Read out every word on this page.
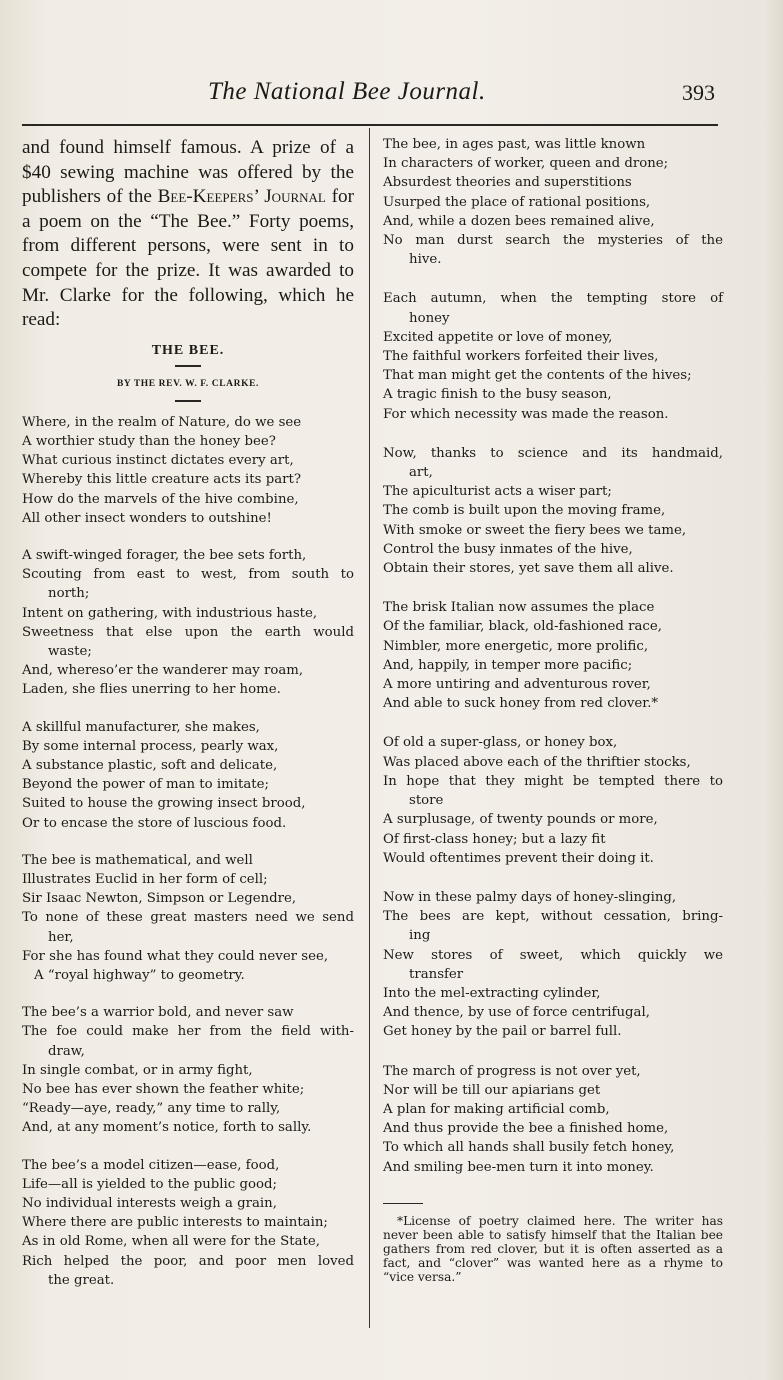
The National Bee Journal.	393

and found himself famous. A prize of a $40 sewing machine was offered by the publishers of the Bee-Keepers’ Journal for a poem on the “The Bee.” Forty poems, from different persons, were sent in to compete for the prize. It was awarded to Mr. Clarke for the following, which he read:

THE BEE.
BY THE REV. W. F. CLARKE.
Where, in the realm of Nature, do we see
A worthier study than the honey bee?
What curious instinct dictates every art,
Whereby this little creature acts its part?
How do the marvels of the hive combine,
All other insect wonders to outshine!
A swift-winged forager, the bee sets forth,
Scouting from east to west, from south to
north;
Intent on gathering, with industrious haste,
Sweetness that else upon the earth would
waste;
And, whereso’er the wanderer may roam,
Laden, she flies unerring to her home.
A skillful manufacturer, she makes,
By some internal process, pearly wax,
A substance plastic, soft and delicate,
Beyond the power of man to imitate;
Suited to house the growing insect brood,
Or to encase the store of luscious food.
The bee is mathematical, and well
Illustrates Euclid in her form of cell;
Sir Isaac Newton, Simpson or Legendre,
To none of these great masters need we send
her,
For she has found what they could never see,
A “royal highway” to geometry.
The bee’s a warrior bold, and never saw
The foe could make her from the field with-
draw,
In single combat, or in army fight,
No bee has ever shown the feather white;
“Ready—aye, ready,” any time to rally,
And, at any moment’s notice, forth to sally.
The bee’s a model citizen—ease, food,
Life—all is yielded to the public good;
No individual interests weigh a grain,
Where there are public interests to maintain;
As in old Rome, when all were for the State,
Rich helped the poor, and poor men loved
the great.
The bee, in ages past, was little known
In characters of worker, queen and drone;
Absurdest theories and superstitions
Usurped the place of rational positions,
And, while a dozen bees remained alive,
No man durst search the mysteries of the
hive.
Each autumn, when the tempting store of
honey
Excited appetite or love of money,
The faithful workers forfeited their lives,
That man might get the contents of the hives;
A tragic finish to the busy season,
For which necessity was made the reason.
Now, thanks to science and its handmaid,
art,
The apiculturist acts a wiser part;
The comb is built upon the moving frame,
With smoke or sweet the fiery bees we tame,
Control the busy inmates of the hive,
Obtain their stores, yet save them all alive.
The brisk Italian now assumes the place
Of the familiar, black, old-fashioned race,
Nimbler, more energetic, more prolific,
And, happily, in temper more pacific;
A more untiring and adventurous rover,
And able to suck honey from red clover.*
Of old a super-glass, or honey box,
Was placed above each of the thriftier stocks,
In hope that they might be tempted there to
store
A surplusage, of twenty pounds or more,
Of first-class honey; but a lazy fit
Would oftentimes prevent their doing it.
Now in these palmy days of honey-slinging,
The bees are kept, without cessation, bring-
ing
New stores of sweet, which quickly we
transfer
Into the mel-extracting cylinder,
And thence, by use of force centrifugal,
Get honey by the pail or barrel full.
The march of progress is not over yet,
Nor will be till our apiarians get
A plan for making artificial comb,
And thus provide the bee a finished home,
To which all hands shall busily fetch honey,
And smiling bee-men turn it into money.
*License of poetry claimed here. The writer has never been able to satisfy himself that the Italian bee gathers from red clover, but it is often asserted as a fact, and “clover” was wanted here as a rhyme to “vice versa.”
